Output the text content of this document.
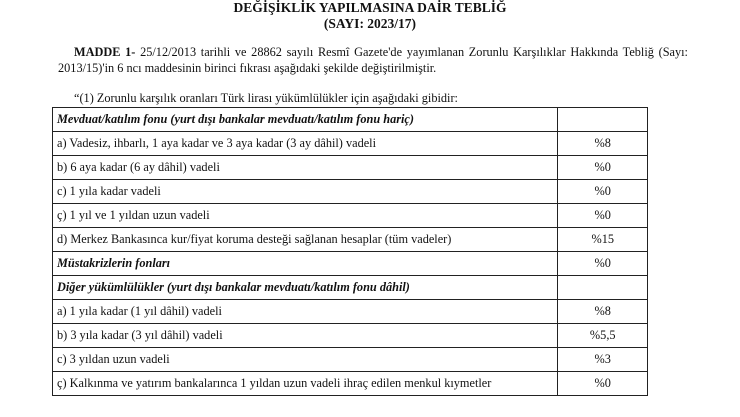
DEĞİŞİKLİK YAPILMASINA DAİR TEBLİĞ
(SAYI: 2023/17)
MADDE 1- 25/12/2013 tarihli ve 28862 sayılı Resmî Gazete'de yayımlanan Zorunlu Karşılıklar Hakkında Tebliğ (Sayı: 2013/15)'in 6 ncı maddesinin birinci fıkrası aşağıdaki şekilde değiştirilmiştir.
“(1) Zorunlu karşılık oranları Türk lirası yükümlülükler için aşağıdaki gibidir:
Mevduat/katılım fonu (yurt dışı bankalar mevduatı/katılım fonu hariç)	
a) Vadesiz, ihbarlı, 1 aya kadar ve 3 aya kadar (3 ay dâhil) vadeli	%8
b) 6 aya kadar (6 ay dâhil) vadeli	%0
c) 1 yıla kadar vadeli	%0
ç) 1 yıl ve 1 yıldan uzun vadeli	%0
d) Merkez Bankasınca kur/fiyat koruma desteği sağlanan hesaplar (tüm vadeler)	%15
Müstakrizlerin fonları	%0
Diğer yükümlülükler (yurt dışı bankalar mevduatı/katılım fonu dâhil)	
a) 1 yıla kadar (1 yıl dâhil) vadeli	%8
b) 3 yıla kadar (3 yıl dâhil) vadeli	%5,5
c) 3 yıldan uzun vadeli	%3
ç) Kalkınma ve yatırım bankalarınca 1 yıldan uzun vadeli ihraç edilen menkul kıymetler	%0
